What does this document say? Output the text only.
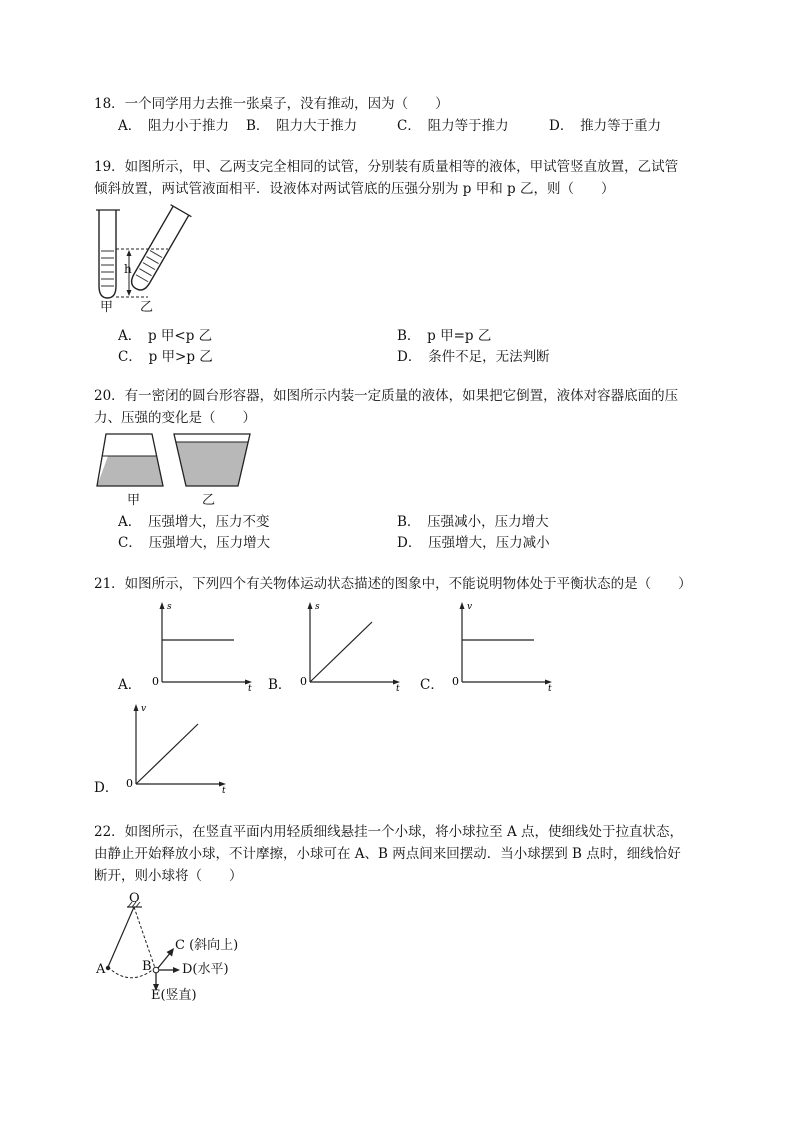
18．一个同学用力去推一张桌子，没有推动，因为（　　）
A．　阻力小于推力 B．　阻力大于推力	C．　阻力等于推力	D．　推力等于重力
19．如图所示，甲、乙两支完全相同的试管，分别装有质量相等的液体，甲试管竖直放置，乙试管
倾斜放置，两试管液面相平．设液体对两试管底的压强分别为 p 甲和 p 乙，则（　　）
h
甲 乙
A．　p 甲<p 乙	B．　p 甲=p 乙
C．　p 甲>p 乙	D．　条件不足，无法判断
20．有一密闭的圆台形容器，如图所示内装一定质量的液体，如果把它倒置，液体对容器底面的压
力、压强的变化是（　　）
甲	乙
A．　压强增大，压力不变	B．　压强减小，压力增大
C．　压强增大，压力增大	D．　压强增大，压力减小
21．如图所示，下列四个有关物体运动状态描述的图象中，不能说明物体处于平衡状态的是（　　）
A．
s
t
0	B．
s
t
0	C．
v
t
0
D．
v
t
0
22．如图所示，在竖直平面内用轻质细线悬挂一个小球，将小球拉至 A 点，使细线处于拉直状态，
由静止开始释放小球，不计摩擦，小球可在 A、B 两点间来回摆动．当小球摆到 B 点时，细线恰好
断开，则小球将（　　）
O
A	B
C (斜向上)
D(水平)
E(竖直)
